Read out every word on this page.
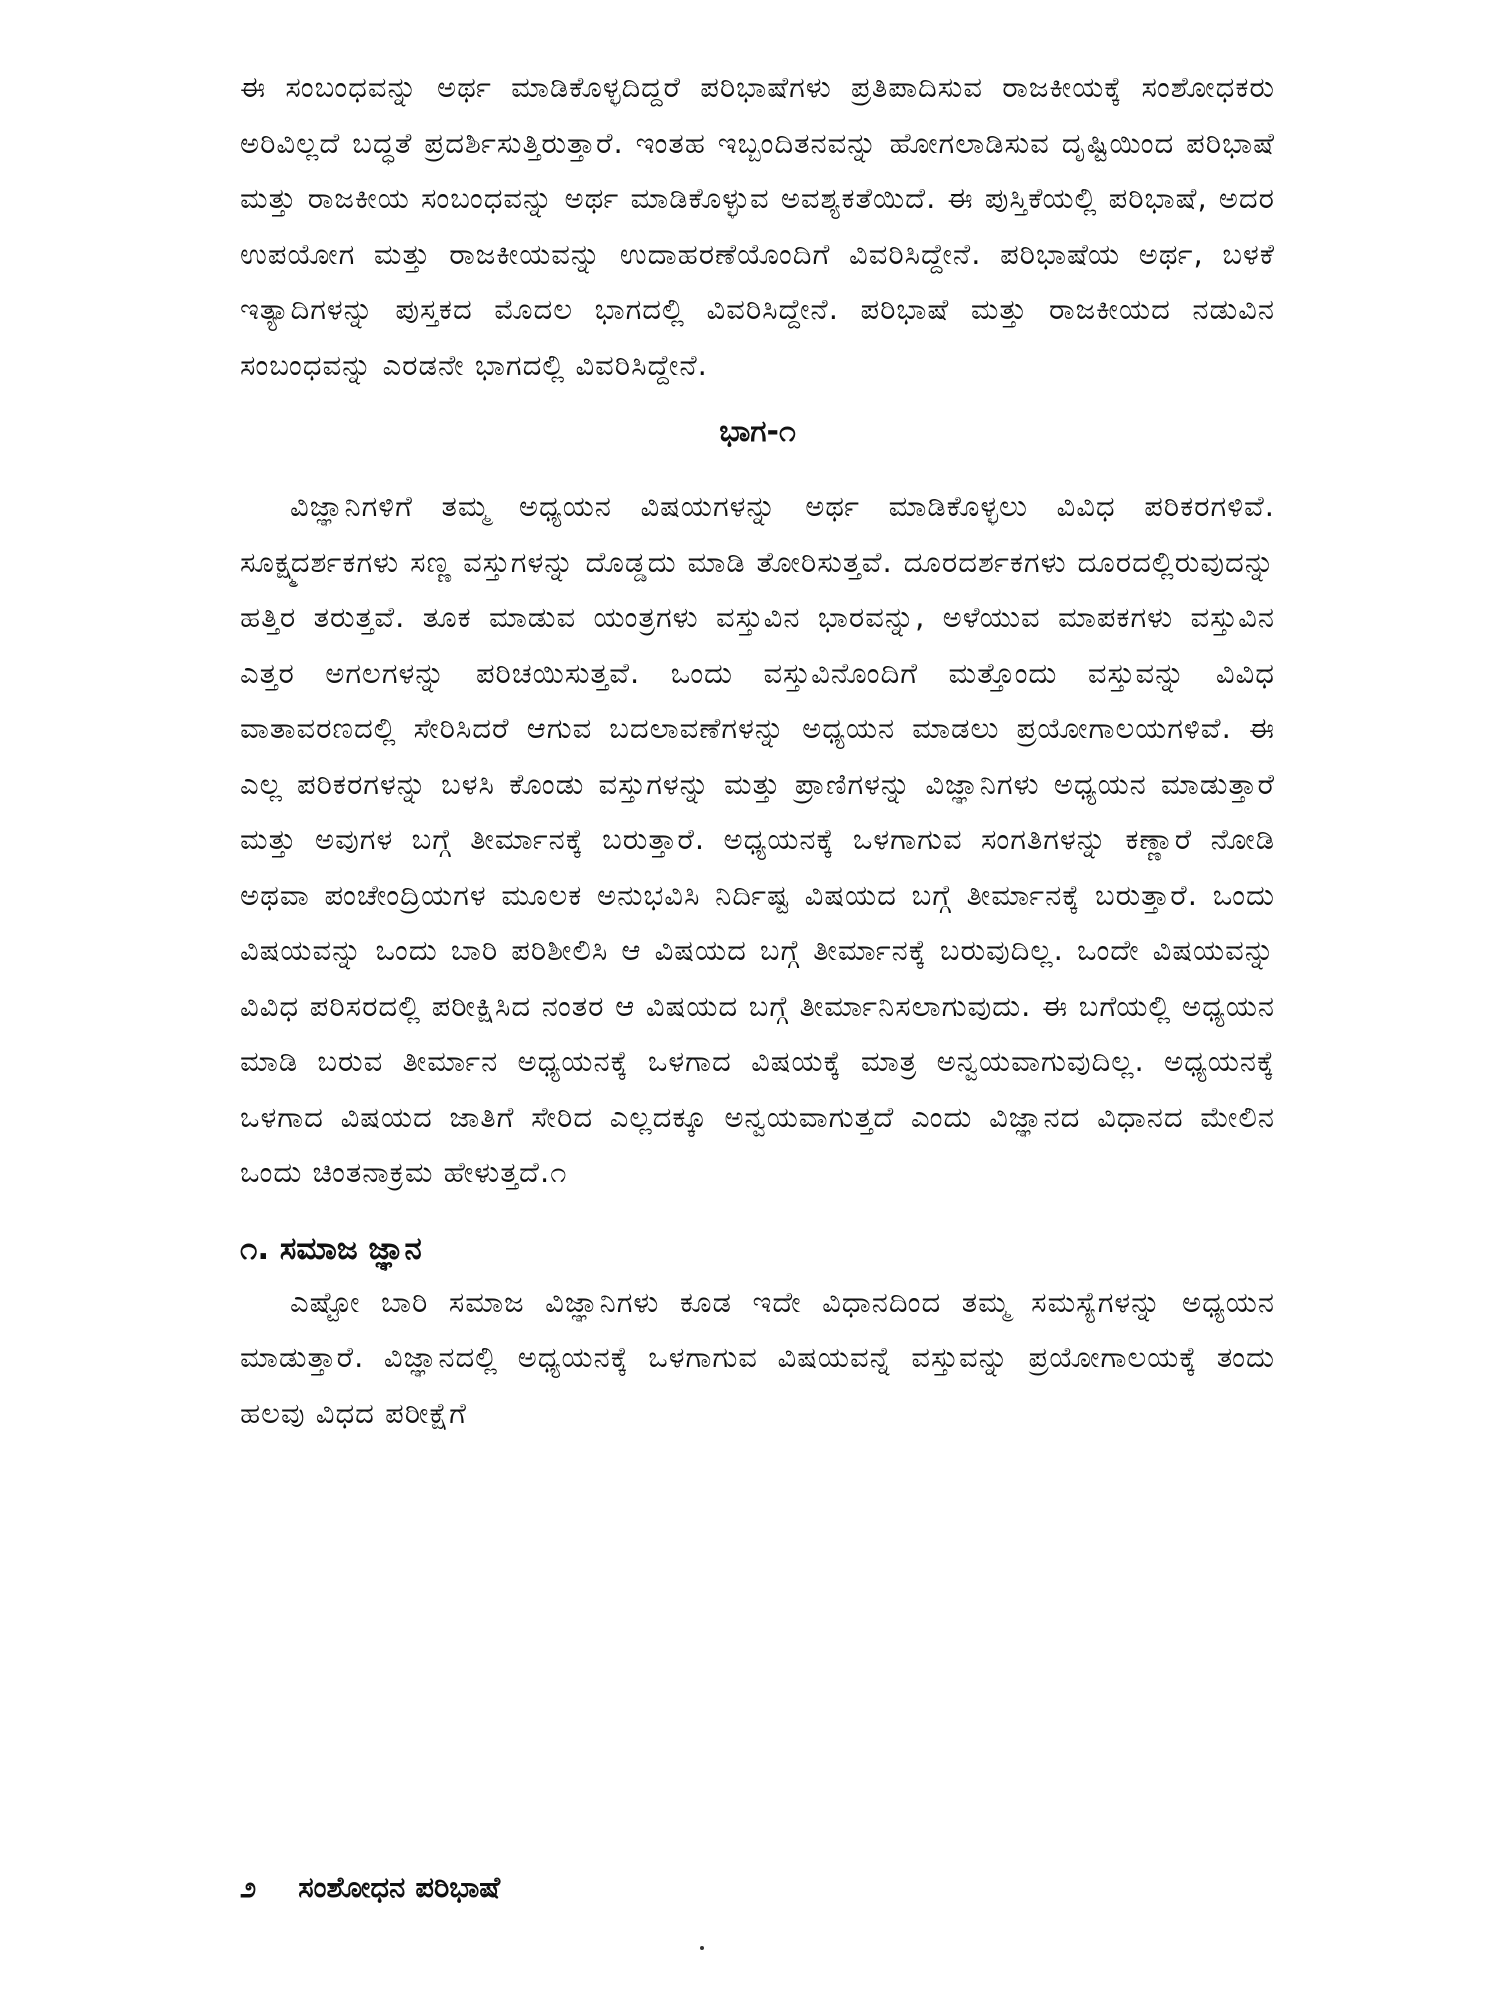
ಈ ಸಂಬಂಧವನ್ನು ಅರ್ಥ ಮಾಡಿಕೊಳ್ಳದಿದ್ದರೆ ಪರಿಭಾಷೆಗಳು ಪ್ರತಿಪಾದಿಸುವ ರಾಜಕೀಯಕ್ಕೆ ಸಂಶೋಧಕರು ಅರಿವಿಲ್ಲದೆ ಬದ್ಧತೆ ಪ್ರದರ್ಶಿಸುತ್ತಿರುತ್ತಾರೆ. ಇಂತಹ ಇಬ್ಬಂದಿತನವನ್ನು ಹೋಗಲಾಡಿಸುವ ದೃಷ್ಟಿಯಿಂದ ಪರಿಭಾಷೆ ಮತ್ತು ರಾಜಕೀಯ ಸಂಬಂಧವನ್ನು ಅರ್ಥ ಮಾಡಿಕೊಳ್ಳುವ ಅವಶ್ಯಕತೆಯಿದೆ. ಈ ಪುಸ್ತಿಕೆಯಲ್ಲಿ ಪರಿಭಾಷೆ, ಅದರ ಉಪಯೋಗ ಮತ್ತು ರಾಜಕೀಯವನ್ನು ಉದಾಹರಣೆಯೊಂದಿಗೆ ವಿವರಿಸಿದ್ದೇನೆ. ಪರಿಭಾಷೆಯ ಅರ್ಥ, ಬಳಕೆ ಇತ್ಯಾದಿಗಳನ್ನು ಪುಸ್ತಕದ ಮೊದಲ ಭಾಗದಲ್ಲಿ ವಿವರಿಸಿದ್ದೇನೆ. ಪರಿಭಾಷೆ ಮತ್ತು ರಾಜಕೀಯದ ನಡುವಿನ ಸಂಬಂಧವನ್ನು ಎರಡನೇ ಭಾಗದಲ್ಲಿ ವಿವರಿಸಿದ್ದೇನೆ.

ಭಾಗ-೧

ವಿಜ್ಞಾನಿಗಳಿಗೆ ತಮ್ಮ ಅಧ್ಯಯನ ವಿಷಯಗಳನ್ನು ಅರ್ಥ ಮಾಡಿಕೊಳ್ಳಲು ವಿವಿಧ ಪರಿಕರಗಳಿವೆ. ಸೂಕ್ಷ್ಮದರ್ಶಕಗಳು ಸಣ್ಣ ವಸ್ತುಗಳನ್ನು ದೊಡ್ಡದು ಮಾಡಿ ತೋರಿಸುತ್ತವೆ. ದೂರದರ್ಶಕಗಳು ದೂರದಲ್ಲಿರುವುದನ್ನು ಹತ್ತಿರ ತರುತ್ತವೆ. ತೂಕ ಮಾಡುವ ಯಂತ್ರಗಳು ವಸ್ತುವಿನ ಭಾರವನ್ನು, ಅಳೆಯುವ ಮಾಪಕಗಳು ವಸ್ತುವಿನ ಎತ್ತರ ಅಗಲಗಳನ್ನು ಪರಿಚಯಿಸುತ್ತವೆ. ಒಂದು ವಸ್ತುವಿನೊಂದಿಗೆ ಮತ್ತೊಂದು ವಸ್ತುವನ್ನು ವಿವಿಧ ವಾತಾವರಣದಲ್ಲಿ ಸೇರಿಸಿದರೆ ಆಗುವ ಬದಲಾವಣೆಗಳನ್ನು ಅಧ್ಯಯನ ಮಾಡಲು ಪ್ರಯೋಗಾಲಯಗಳಿವೆ. ಈ ಎಲ್ಲ ಪರಿಕರಗಳನ್ನು ಬಳಸಿ ಕೊಂಡು ವಸ್ತುಗಳನ್ನು ಮತ್ತು ಪ್ರಾಣಿಗಳನ್ನು ವಿಜ್ಞಾನಿಗಳು ಅಧ್ಯಯನ ಮಾಡುತ್ತಾರೆ ಮತ್ತು ಅವುಗಳ ಬಗ್ಗೆ ತೀರ್ಮಾನಕ್ಕೆ ಬರುತ್ತಾರೆ. ಅಧ್ಯಯನಕ್ಕೆ ಒಳಗಾಗುವ ಸಂಗತಿಗಳನ್ನು ಕಣ್ಣಾರೆ ನೋಡಿ ಅಥವಾ ಪಂಚೇಂದ್ರಿಯಗಳ ಮೂಲಕ ಅನುಭವಿಸಿ ನಿರ್ದಿಷ್ಟ ವಿಷಯದ ಬಗ್ಗೆ ತೀರ್ಮಾನಕ್ಕೆ ಬರುತ್ತಾರೆ. ಒಂದು ವಿಷಯವನ್ನು ಒಂದು ಬಾರಿ ಪರಿಶೀಲಿಸಿ ಆ ವಿಷಯದ ಬಗ್ಗೆ ತೀರ್ಮಾನಕ್ಕೆ ಬರುವುದಿಲ್ಲ. ಒಂದೇ ವಿಷಯವನ್ನು ವಿವಿಧ ಪರಿಸರದಲ್ಲಿ ಪರೀಕ್ಷಿಸಿದ ನಂತರ ಆ ವಿಷಯದ ಬಗ್ಗೆ ತೀರ್ಮಾನಿಸಲಾಗುವುದು. ಈ ಬಗೆಯಲ್ಲಿ ಅಧ್ಯಯನ ಮಾಡಿ ಬರುವ ತೀರ್ಮಾನ ಅಧ್ಯಯನಕ್ಕೆ ಒಳಗಾದ ವಿಷಯಕ್ಕೆ ಮಾತ್ರ ಅನ್ವಯವಾಗುವುದಿಲ್ಲ. ಅಧ್ಯಯನಕ್ಕೆ ಒಳಗಾದ ವಿಷಯದ ಜಾತಿಗೆ ಸೇರಿದ ಎಲ್ಲದಕ್ಕೂ ಅನ್ವಯವಾಗುತ್ತದೆ ಎಂದು ವಿಜ್ಞಾನದ ವಿಧಾನದ ಮೇಲಿನ ಒಂದು ಚಿಂತನಾಕ್ರಮ ಹೇಳುತ್ತದೆ.೧

೧. ಸಮಾಜ ಜ್ಞಾನ

ಎಷ್ಟೋ ಬಾರಿ ಸಮಾಜ ವಿಜ್ಞಾನಿಗಳು ಕೂಡ ಇದೇ ವಿಧಾನದಿಂದ ತಮ್ಮ ಸಮಸ್ಯೆಗಳನ್ನು ಅಧ್ಯಯನ ಮಾಡುತ್ತಾರೆ. ವಿಜ್ಞಾನದಲ್ಲಿ ಅಧ್ಯಯನಕ್ಕೆ ಒಳಗಾಗುವ ವಿಷಯವನ್ನೆ ವಸ್ತುವನ್ನು ಪ್ರಯೋಗಾಲಯಕ್ಕೆ ತಂದು ಹಲವು ವಿಧದ ಪರೀಕ್ಷೆಗೆ

೨ ಸಂಶೋಧನ ಪರಿಭಾಷೆ
